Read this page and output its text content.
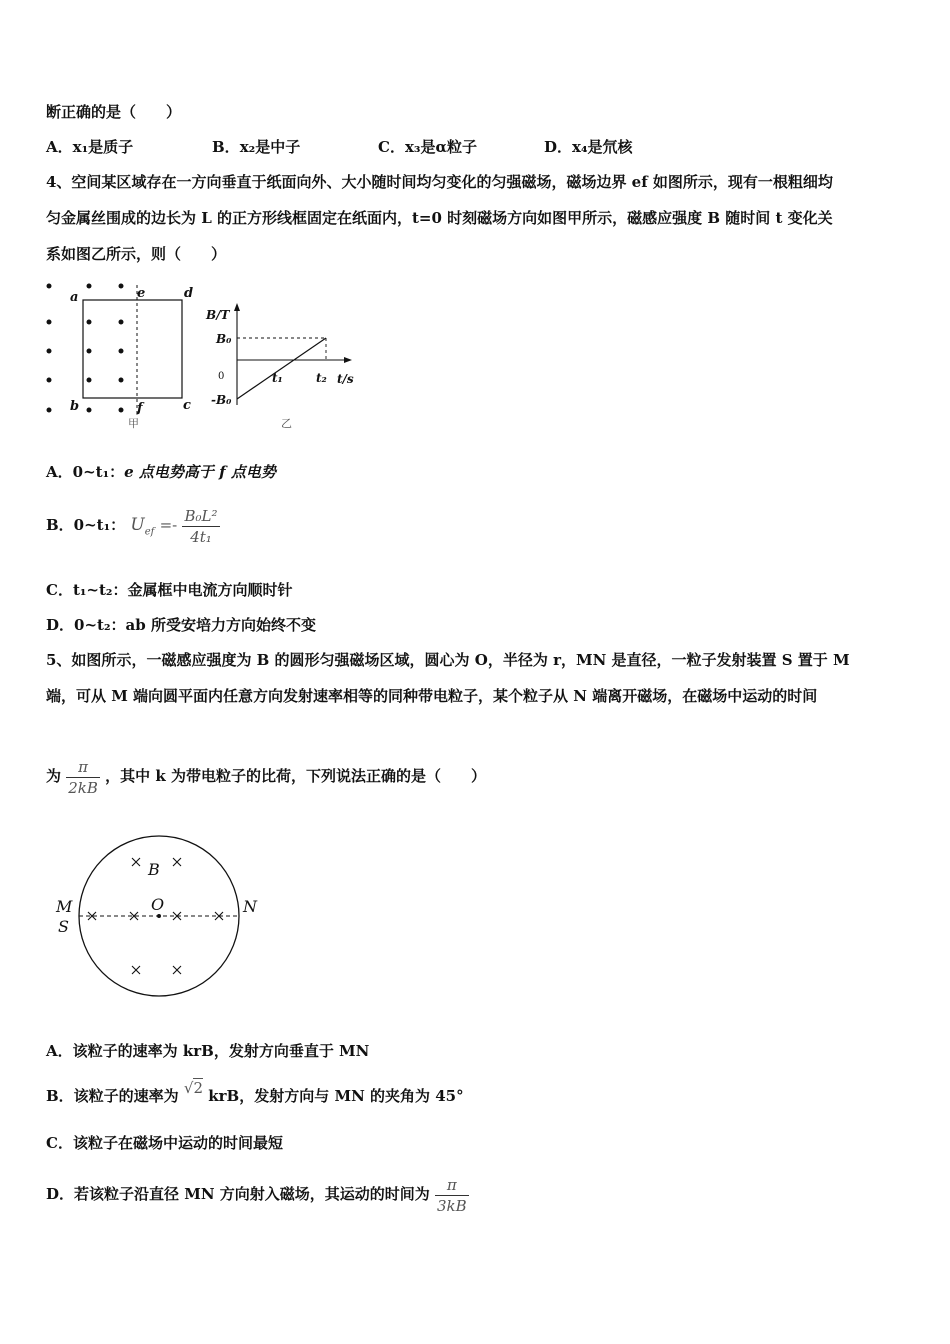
断正确的是（　　）
A．x₁是质子	B．x₂是中子	C．x₃是α粒子	D．x₄是氘核
4、空间某区域存在一方向垂直于纸面向外、大小随时间均匀变化的匀强磁场，磁场边界 ef 如图所示，现有一根粗细均
匀金属丝围成的边长为 L 的正方形线框固定在纸面内，t=0 时刻磁场方向如图甲所示，磁感应强度 B 随时间 t 变化关
系如图乙所示，则（　　）
a	e	d
b	f	c
甲
B/T
B₀
0
-B₀
t₁	t₂ t/s
乙
A．0~t₁：e 点电势高于 f 点电势
B．0~t₁： $U_{ef} =- \frac{\text{B₀L²}}{\text{4t₁}}$
C．t₁~t₂：金属框中电流方向顺时针
D．0~t₂：ab 所受安培力方向始终不变
5、如图所示，一磁感应强度为 B 的圆形匀强磁场区域，圆心为 O，半径为 r，MN 是直径，一粒子发射装置 S 置于 M
端，可从 M 端向圆平面内任意方向发射速率相等的同种带电粒子，某个粒子从 N 端离开磁场，在磁场中运动的时间
为 $\frac{\pi}{2kB}$ ，其中 k 为带电粒子的比荷，下列说法正确的是（　　）
B
O
M
S
N
A．该粒子的速率为 krB，发射方向垂直于 MN
B．该粒子的速率为 √2 krB，发射方向与 MN 的夹角为 45°
C．该粒子在磁场中运动的时间最短
D．若该粒子沿直径 MN 方向射入磁场，其运动的时间为 $\frac{\pi}{3kB}$
